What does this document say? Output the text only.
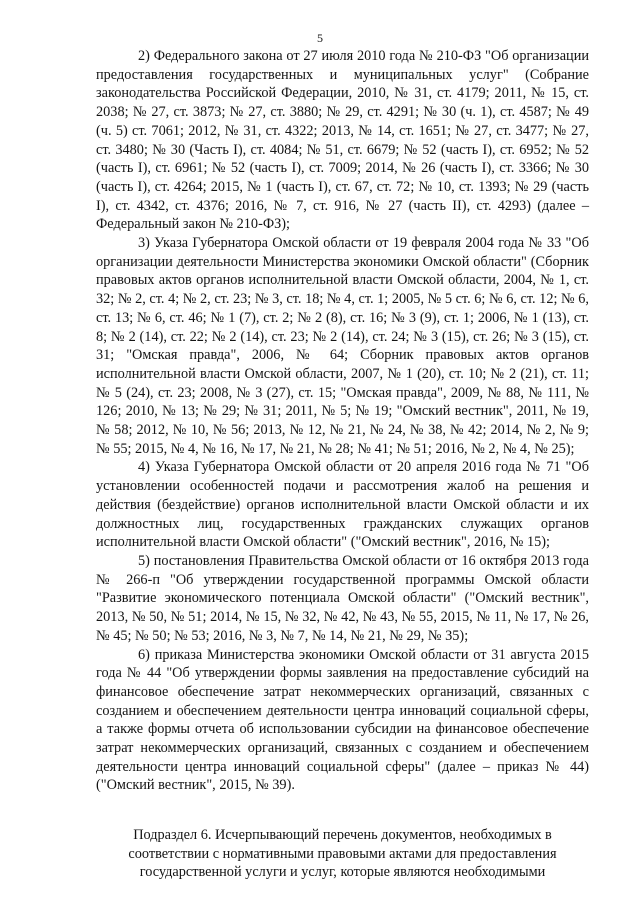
5

2) Федерального закона от 27 июля 2010 года № 210-ФЗ "Об организации предоставления государственных и муниципальных услуг" (Собрание законодательства Российской Федерации, 2010, № 31, ст. 4179; 2011, № 15, ст. 2038; № 27, ст. 3873; № 27, ст. 3880; № 29, ст. 4291; № 30 (ч. 1), ст. 4587; № 49 (ч. 5) ст. 7061; 2012, № 31, ст. 4322; 2013, № 14, ст. 1651; № 27, ст. 3477; № 27, ст. 3480; № 30 (Часть I), ст. 4084; № 51, ст. 6679; № 52 (часть I), ст. 6952; № 52 (часть I), ст. 6961; № 52 (часть I), ст. 7009; 2014, № 26 (часть I), ст. 3366; № 30 (часть I), ст. 4264; 2015, № 1 (часть I), ст. 67, ст. 72; № 10, ст. 1393; № 29 (часть I), ст. 4342, ст. 4376; 2016, № 7, ст. 916, № 27 (часть II), ст. 4293) (далее – Федеральный закон № 210-ФЗ);

3) Указа Губернатора Омской области от 19 февраля 2004 года № 33 "Об организации деятельности Министерства экономики Омской области" (Сборник правовых актов органов исполнительной власти Омской области, 2004, № 1, ст. 32; № 2, ст. 4; № 2, ст. 23; № 3, ст. 18; № 4, ст. 1; 2005, № 5 ст. 6; № 6, ст. 12; № 6, ст. 13; № 6, ст. 46; № 1 (7), ст. 2; № 2 (8), ст. 16; № 3 (9), ст. 1; 2006, № 1 (13), ст. 8; № 2 (14), ст. 22; № 2 (14), ст. 23; № 2 (14), ст. 24; № 3 (15), ст. 26; № 3 (15), ст. 31; "Омская правда", 2006, № 64; Сборник правовых актов органов исполнительной власти Омской области, 2007, № 1 (20), ст. 10; № 2 (21), ст. 11; № 5 (24), ст. 23; 2008, № 3 (27), ст. 15; "Омская правда", 2009, № 88, № 111, № 126; 2010, № 13; № 29; № 31; 2011, № 5; № 19; "Омский вестник", 2011, № 19, № 58; 2012, № 10, № 56; 2013, № 12, № 21, № 24, № 38, № 42; 2014, № 2, № 9; № 55; 2015, № 4, № 16, № 17, № 21, № 28; № 41; № 51; 2016, № 2, № 4, № 25);

4) Указа Губернатора Омской области от 20 апреля 2016 года № 71 "Об установлении особенностей подачи и рассмотрения жалоб на решения и действия (бездействие) органов исполнительной власти Омской области и их должностных лиц, государственных гражданских служащих органов исполнительной власти Омской области" ("Омский вестник", 2016, № 15);

5) постановления Правительства Омской области от 16 октября 2013 года № 266-п "Об утверждении государственной программы Омской области "Развитие экономического потенциала Омской области" ("Омский вестник", 2013, № 50, № 51; 2014, № 15, № 32, № 42, № 43, № 55, 2015, № 11, № 17, № 26, № 45; № 50; № 53; 2016, № 3, № 7, № 14, № 21, № 29, № 35);

6) приказа Министерства экономики Омской области от 31 августа 2015 года № 44 "Об утверждении формы заявления на предоставление субсидий на финансовое обеспечение затрат некоммерческих организаций, связанных с созданием и обеспечением деятельности центра инноваций социальной сферы, а также формы отчета об использовании субсидии на финансовое обеспечение затрат некоммерческих организаций, связанных с созданием и обеспечением деятельности центра инноваций социальной сферы" (далее – приказ № 44) ("Омский вестник", 2015, № 39).

Подраздел 6. Исчерпывающий перечень документов, необходимых в соответствии с нормативными правовыми актами для предоставления государственной услуги и услуг, которые являются необходимыми
